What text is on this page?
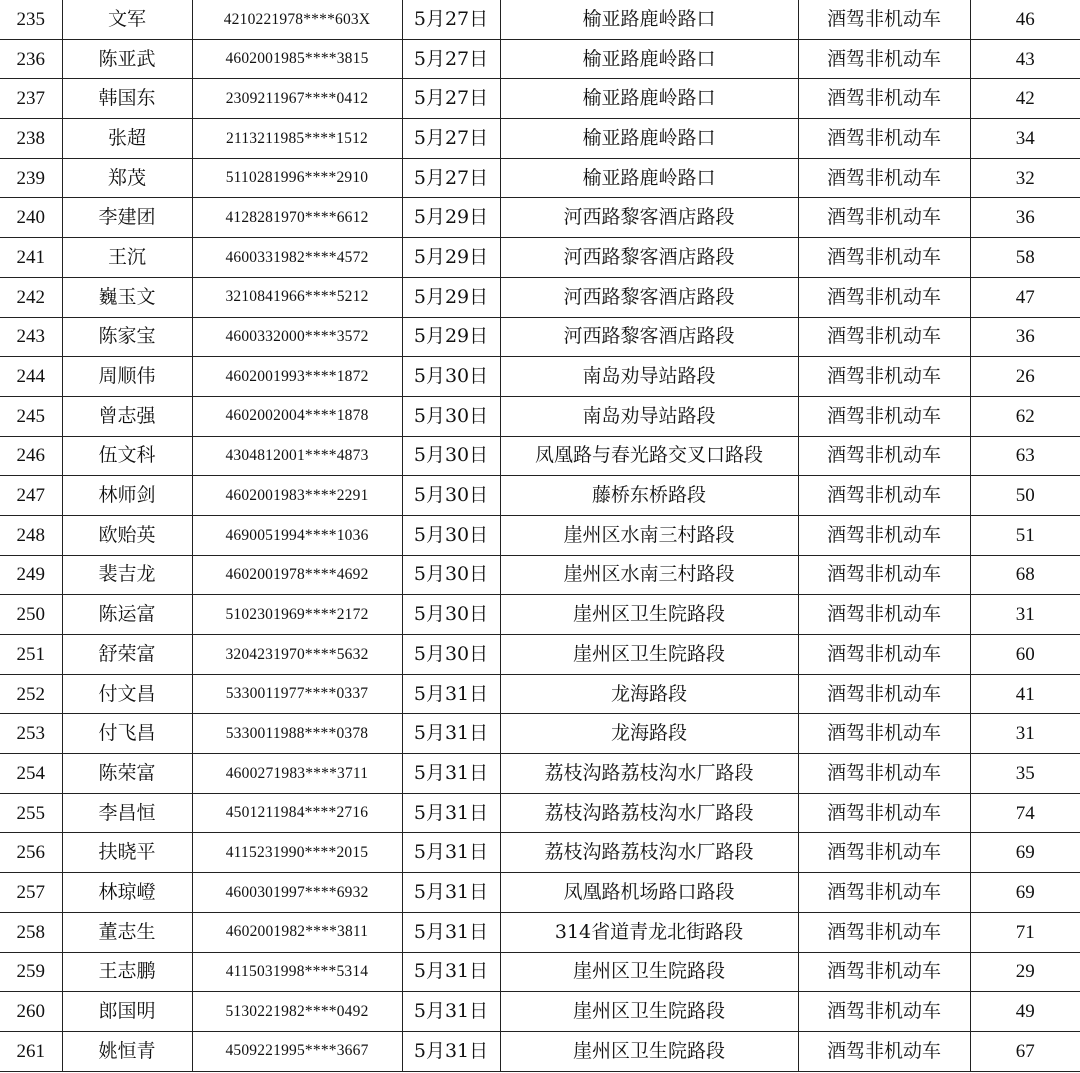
235	文军	4210221978****603X	5月27日	榆亚路鹿岭路口	酒驾非机动车	46
236	陈亚武	4602001985****3815	5月27日	榆亚路鹿岭路口	酒驾非机动车	43
237	韩国东	2309211967****0412	5月27日	榆亚路鹿岭路口	酒驾非机动车	42
238	张超	2113211985****1512	5月27日	榆亚路鹿岭路口	酒驾非机动车	34
239	郑茂	5110281996****2910	5月27日	榆亚路鹿岭路口	酒驾非机动车	32
240	李建团	4128281970****6612	5月29日	河西路黎客酒店路段	酒驾非机动车	36
241	王沉	4600331982****4572	5月29日	河西路黎客酒店路段	酒驾非机动车	58
242	巍玉文	3210841966****5212	5月29日	河西路黎客酒店路段	酒驾非机动车	47
243	陈家宝	4600332000****3572	5月29日	河西路黎客酒店路段	酒驾非机动车	36
244	周顺伟	4602001993****1872	5月30日	南岛劝导站路段	酒驾非机动车	26
245	曾志强	4602002004****1878	5月30日	南岛劝导站路段	酒驾非机动车	62
246	伍文科	4304812001****4873	5月30日	凤凰路与春光路交叉口路段	酒驾非机动车	63
247	林师剑	4602001983****2291	5月30日	藤桥东桥路段	酒驾非机动车	50
248	欧贻英	4690051994****1036	5月30日	崖州区水南三村路段	酒驾非机动车	51
249	裴吉龙	4602001978****4692	5月30日	崖州区水南三村路段	酒驾非机动车	68
250	陈运富	5102301969****2172	5月30日	崖州区卫生院路段	酒驾非机动车	31
251	舒荣富	3204231970****5632	5月30日	崖州区卫生院路段	酒驾非机动车	60
252	付文昌	5330011977****0337	5月31日	龙海路段	酒驾非机动车	41
253	付飞昌	5330011988****0378	5月31日	龙海路段	酒驾非机动车	31
254	陈荣富	4600271983****3711	5月31日	荔枝沟路荔枝沟水厂路段	酒驾非机动车	35
255	李昌恒	4501211984****2716	5月31日	荔枝沟路荔枝沟水厂路段	酒驾非机动车	74
256	扶晓平	4115231990****2015	5月31日	荔枝沟路荔枝沟水厂路段	酒驾非机动车	69
257	林琼嶝	4600301997****6932	5月31日	凤凰路机场路口路段	酒驾非机动车	69
258	董志生	4602001982****3811	5月31日	314省道青龙北街路段	酒驾非机动车	71
259	王志鹏	4115031998****5314	5月31日	崖州区卫生院路段	酒驾非机动车	29
260	郎国明	5130221982****0492	5月31日	崖州区卫生院路段	酒驾非机动车	49
261	姚恒青	4509221995****3667	5月31日	崖州区卫生院路段	酒驾非机动车	67
